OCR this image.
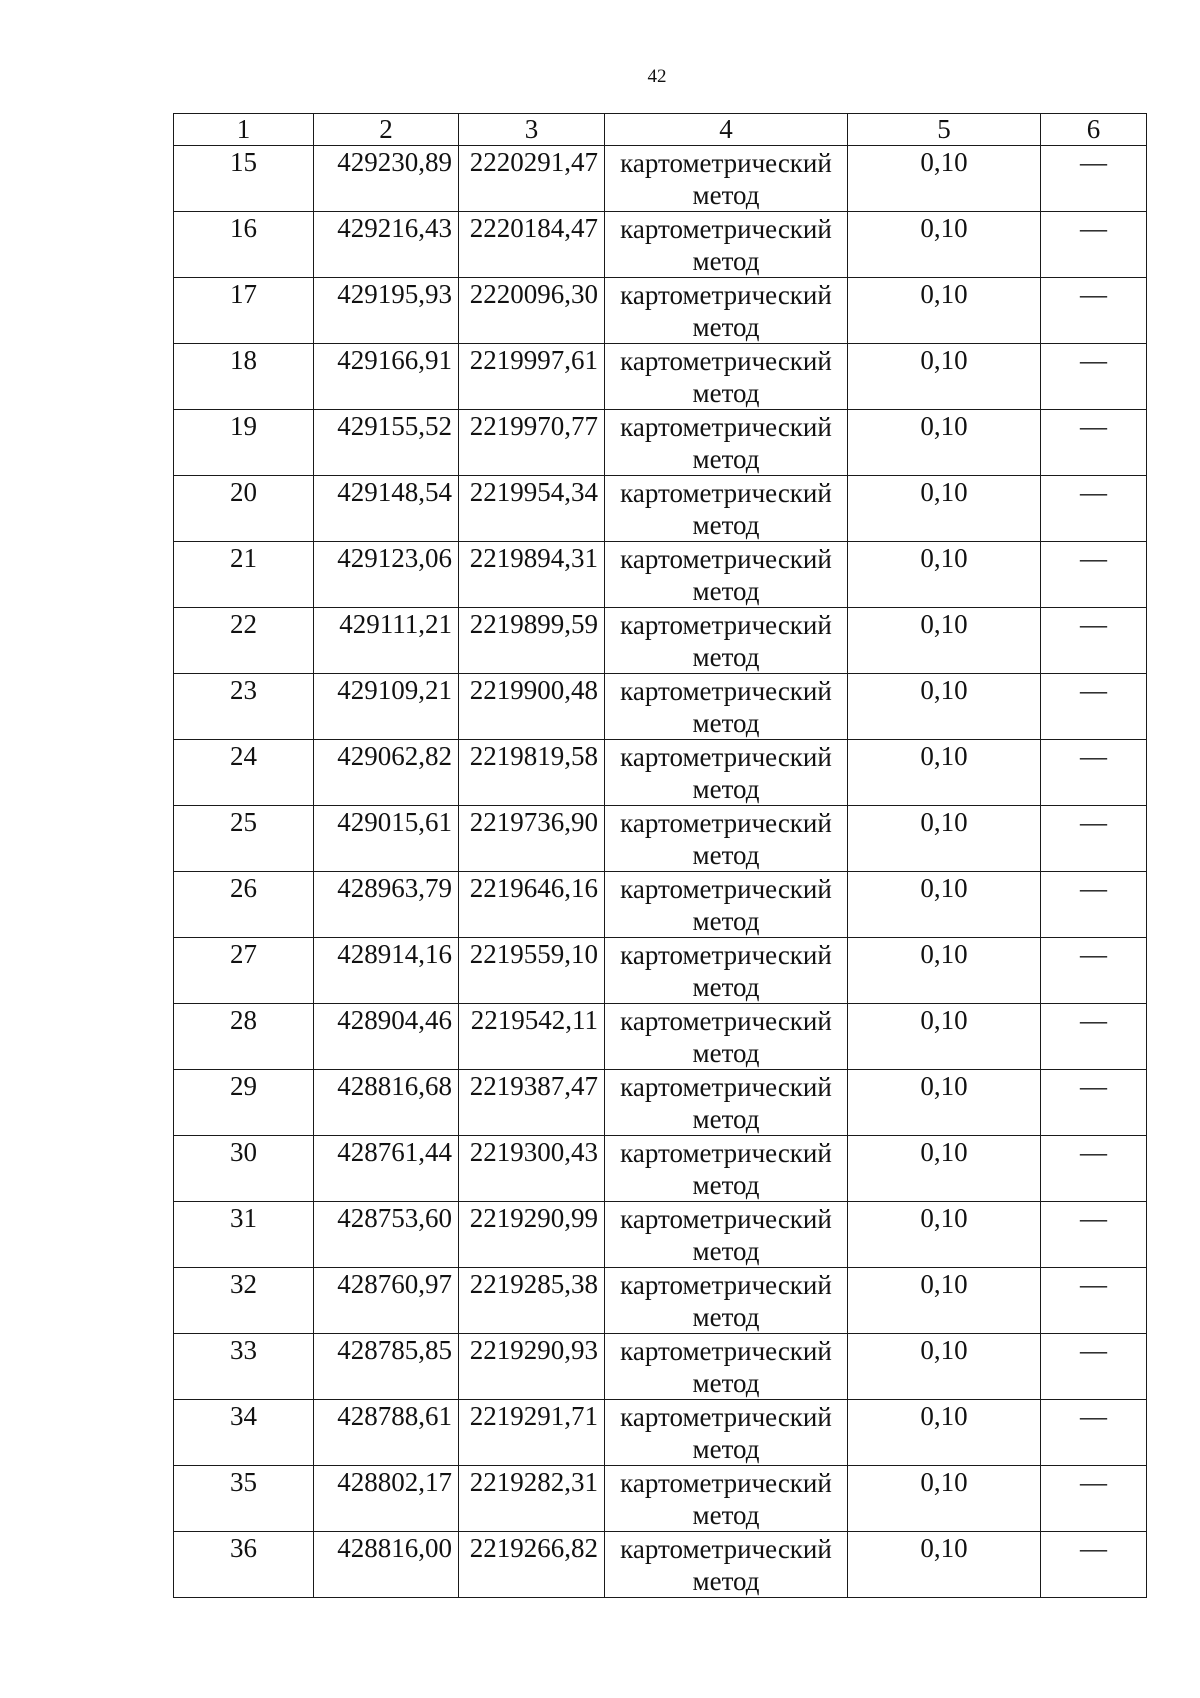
42
1	2	3	4	5	6
15	429230,89	2220291,47	картометрический метод	0,10	—
16	429216,43	2220184,47	картометрический метод	0,10	—
17	429195,93	2220096,30	картометрический метод	0,10	—
18	429166,91	2219997,61	картометрический метод	0,10	—
19	429155,52	2219970,77	картометрический метод	0,10	—
20	429148,54	2219954,34	картометрический метод	0,10	—
21	429123,06	2219894,31	картометрический метод	0,10	—
22	429111,21	2219899,59	картометрический метод	0,10	—
23	429109,21	2219900,48	картометрический метод	0,10	—
24	429062,82	2219819,58	картометрический метод	0,10	—
25	429015,61	2219736,90	картометрический метод	0,10	—
26	428963,79	2219646,16	картометрический метод	0,10	—
27	428914,16	2219559,10	картометрический метод	0,10	—
28	428904,46	2219542,11	картометрический метод	0,10	—
29	428816,68	2219387,47	картометрический метод	0,10	—
30	428761,44	2219300,43	картометрический метод	0,10	—
31	428753,60	2219290,99	картометрический метод	0,10	—
32	428760,97	2219285,38	картометрический метод	0,10	—
33	428785,85	2219290,93	картометрический метод	0,10	—
34	428788,61	2219291,71	картометрический метод	0,10	—
35	428802,17	2219282,31	картометрический метод	0,10	—
36	428816,00	2219266,82	картометрический метод	0,10	—
